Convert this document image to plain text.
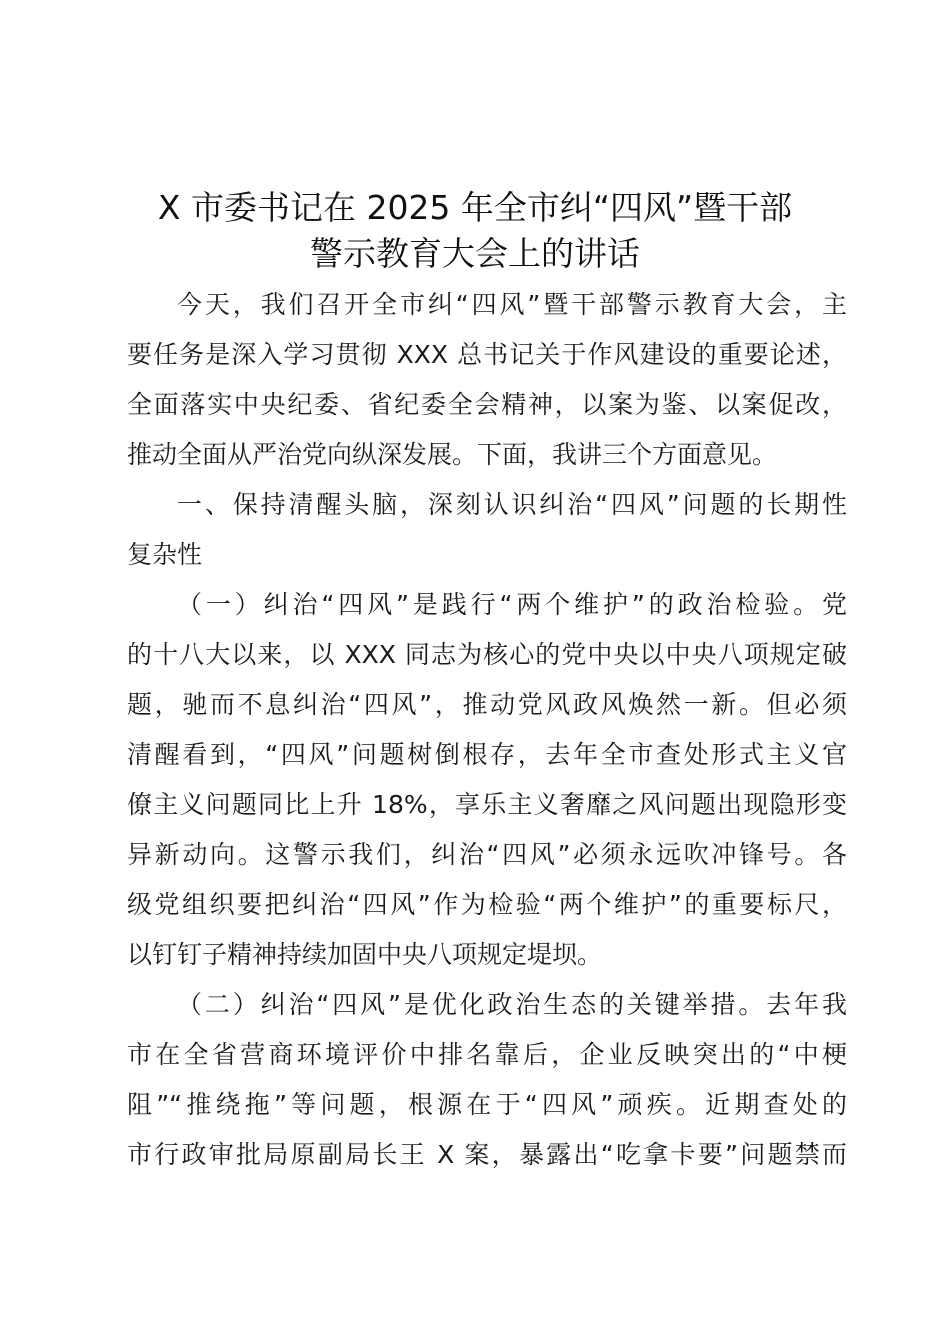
X 市委书记在 2025 年全市纠“四风”暨干部
警示教育大会上的讲话
今天，我们召开全市纠“四风”暨干部警示教育大会，主
要任务是深入学习贯彻 XXX 总书记关于作风建设的重要论述，
全面落实中央纪委、省纪委全会精神，以案为鉴、以案促改，
推动全面从严治党向纵深发展。下面，我讲三个方面意见。
一、保持清醒头脑，深刻认识纠治“四风”问题的长期性
复杂性
（一）纠治“四风”是践行“两个维护”的政治检验。党
的十八大以来，以 XXX 同志为核心的党中央以中央八项规定破
题，驰而不息纠治“四风”，推动党风政风焕然一新。但必须
清醒看到，“四风”问题树倒根存，去年全市查处形式主义官
僚主义问题同比上升 18%，享乐主义奢靡之风问题出现隐形变
异新动向。这警示我们，纠治“四风”必须永远吹冲锋号。各
级党组织要把纠治“四风”作为检验“两个维护”的重要标尺，
以钉钉子精神持续加固中央八项规定堤坝。
（二）纠治“四风”是优化政治生态的关键举措。去年我
市在全省营商环境评价中排名靠后，企业反映突出的“中梗
阻”“推绕拖”等问题，根源在于“四风”顽疾。近期查处的
市行政审批局原副局长王 X 案，暴露出“吃拿卡要”问题禁而
